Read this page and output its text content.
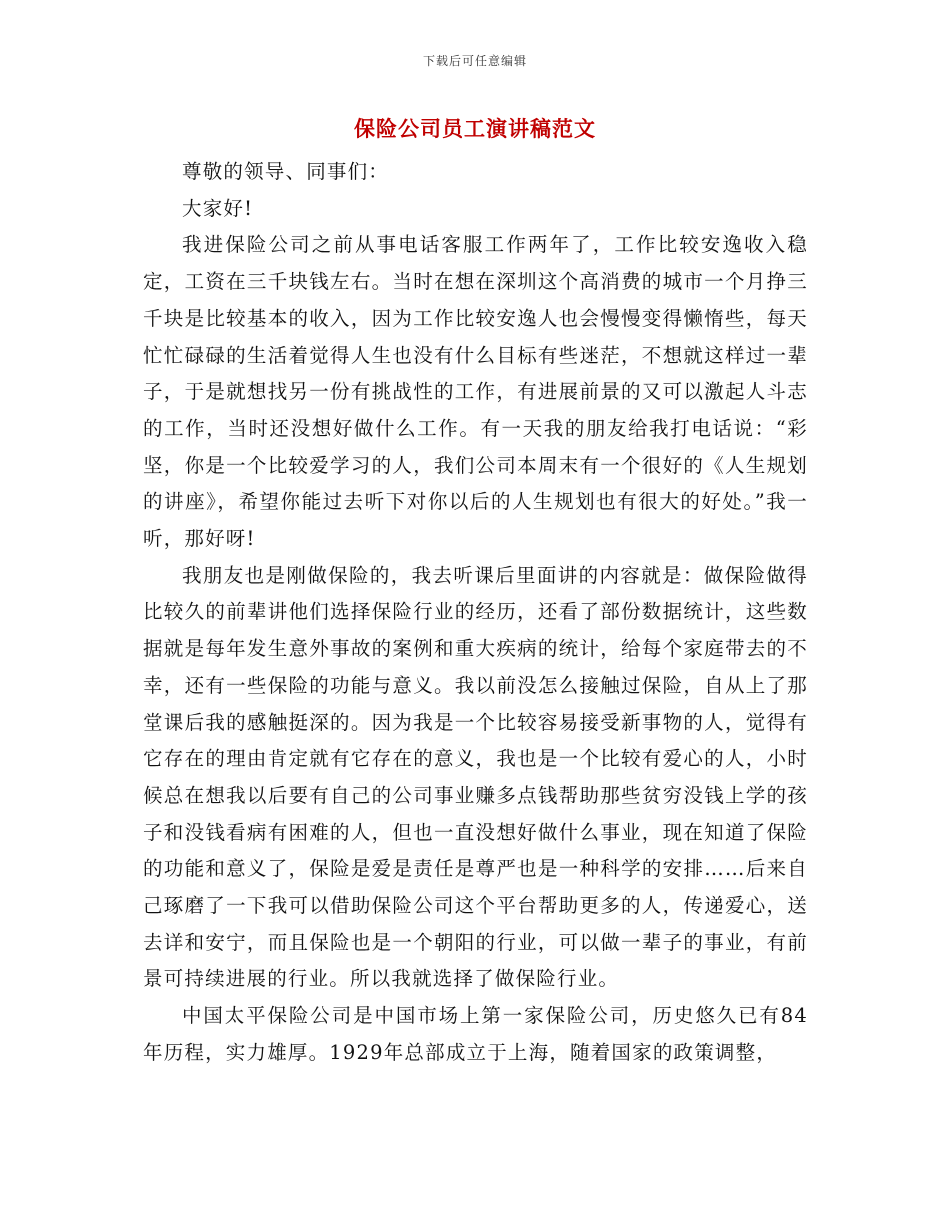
下载后可任意编辑
保险公司员工演讲稿范文

尊敬的领导、同事们：

大家好!

我进保险公司之前从事电话客服工作两年了，工作比较安逸收入稳定，工资在三千块钱左右。当时在想在深圳这个高消费的城市一个月挣三千块是比较基本的收入，因为工作比较安逸人也会慢慢变得懒惰些，每天忙忙碌碌的生活着觉得人生也没有什么目标有些迷茫，不想就这样过一辈子，于是就想找另一份有挑战性的工作，有进展前景的又可以激起人斗志的工作，当时还没想好做什么工作。有一天我的朋友给我打电话说：“彩坚，你是一个比较爱学习的人，我们公司本周末有一个很好的《人生规划的讲座》，希望你能过去听下对你以后的人生规划也有很大的好处。”我一听，那好呀!

我朋友也是刚做保险的，我去听课后里面讲的内容就是：做保险做得比较久的前辈讲他们选择保险行业的经历，还看了部份数据统计，这些数据就是每年发生意外事故的案例和重大疾病的统计，给每个家庭带去的不幸，还有一些保险的功能与意义。我以前没怎么接触过保险，自从上了那堂课后我的感触挺深的。因为我是一个比较容易接受新事物的人，觉得有它存在的理由肯定就有它存在的意义，我也是一个比较有爱心的人，小时候总在想我以后要有自己的公司事业赚多点钱帮助那些贫穷没钱上学的孩子和没钱看病有困难的人，但也一直没想好做什么事业，现在知道了保险的功能和意义了，保险是爱是责任是尊严也是一种科学的安排……后来自己琢磨了一下我可以借助保险公司这个平台帮助更多的人，传递爱心，送去详和安宁，而且保险也是一个朝阳的行业，可以做一辈子的事业，有前景可持续进展的行业。所以我就选择了做保险行业。

中国太平保险公司是中国市场上第一家保险公司，历史悠久已有84年历程，实力雄厚。1929年总部成立于上海，随着国家的政策调整，
